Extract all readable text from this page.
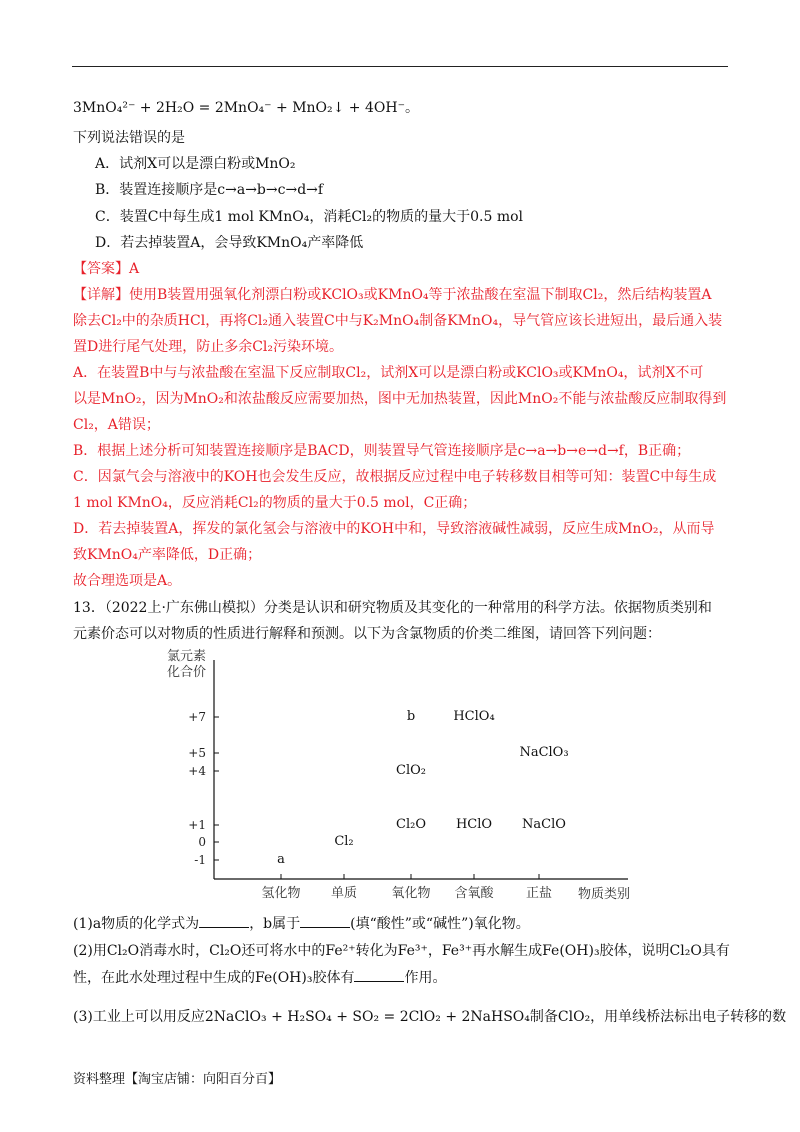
3MnO₄²⁻ + 2H₂O = 2MnO₄⁻ + MnO₂↓ + 4OH⁻。
下列说法错误的是
A．试剂X可以是漂白粉或MnO₂
B．装置连接顺序是c→a→b→c→d→f
C．装置C中每生成1 mol KMnO₄，消耗Cl₂的物质的量大于0.5 mol
D．若去掉装置A，会导致KMnO₄产率降低
【答案】A
【详解】使用B装置用强氧化剂漂白粉或KClO₃或KMnO₄等于浓盐酸在室温下制取Cl₂，然后结构装置A
除去Cl₂中的杂质HCl，再将Cl₂通入装置C中与K₂MnO₄制备KMnO₄，导气管应该长进短出，最后通入装
置D进行尾气处理，防止多余Cl₂污染环境。
A．在装置B中与与浓盐酸在室温下反应制取Cl₂，试剂X可以是漂白粉或KClO₃或KMnO₄，试剂X不可
以是MnO₂，因为MnO₂和浓盐酸反应需要加热，图中无加热装置，因此MnO₂不能与浓盐酸反应制取得到
Cl₂，A错误；
B．根据上述分析可知装置连接顺序是BACD，则装置导气管连接顺序是c→a→b→e→d→f，B正确；
C．因氯气会与溶液中的KOH也会发生反应，故根据反应过程中电子转移数目相等可知：装置C中每生成
1 mol KMnO₄，反应消耗Cl₂的物质的量大于0.5 mol，C正确；
D．若去掉装置A，挥发的氯化氢会与溶液中的KOH中和，导致溶液碱性减弱，反应生成MnO₂，从而导
致KMnO₄产率降低，D正确；
故合理选项是A。
13．（2022上·广东佛山模拟）分类是认识和研究物质及其变化的一种常用的科学方法。依据物质类别和
元素价态可以对物质的性质进行解释和预测。以下为含氯物质的价类二维图，请回答下列问题：
氯元素
化合价
物质类别
+7
+5
+4
+1
0
-1
氢化物 单质	氧化物 含氧酸 正盐
a
Cl₂
b	HClO₄
ClO₂
NaClO₃
Cl₂O HClO NaClO
(1)a物质的化学式为	，b属于	(填“酸性”或“碱性”)氧化物。
(2)用Cl₂O消毒水时，Cl₂O还可将水中的Fe²⁺转化为Fe³⁺，Fe³⁺再水解生成Fe(OH)₃胶体，说明Cl₂O具有
性，在此水处理过程中生成的Fe(OH)₃胶体有	作用。
(3)工业上可以用反应2NaClO₃ + H₂SO₄ + SO₂ = 2ClO₂ + 2NaHSO₄制备ClO₂，用单线桥法标出电子转移的数
资料整理【淘宝店铺：向阳百分百】
